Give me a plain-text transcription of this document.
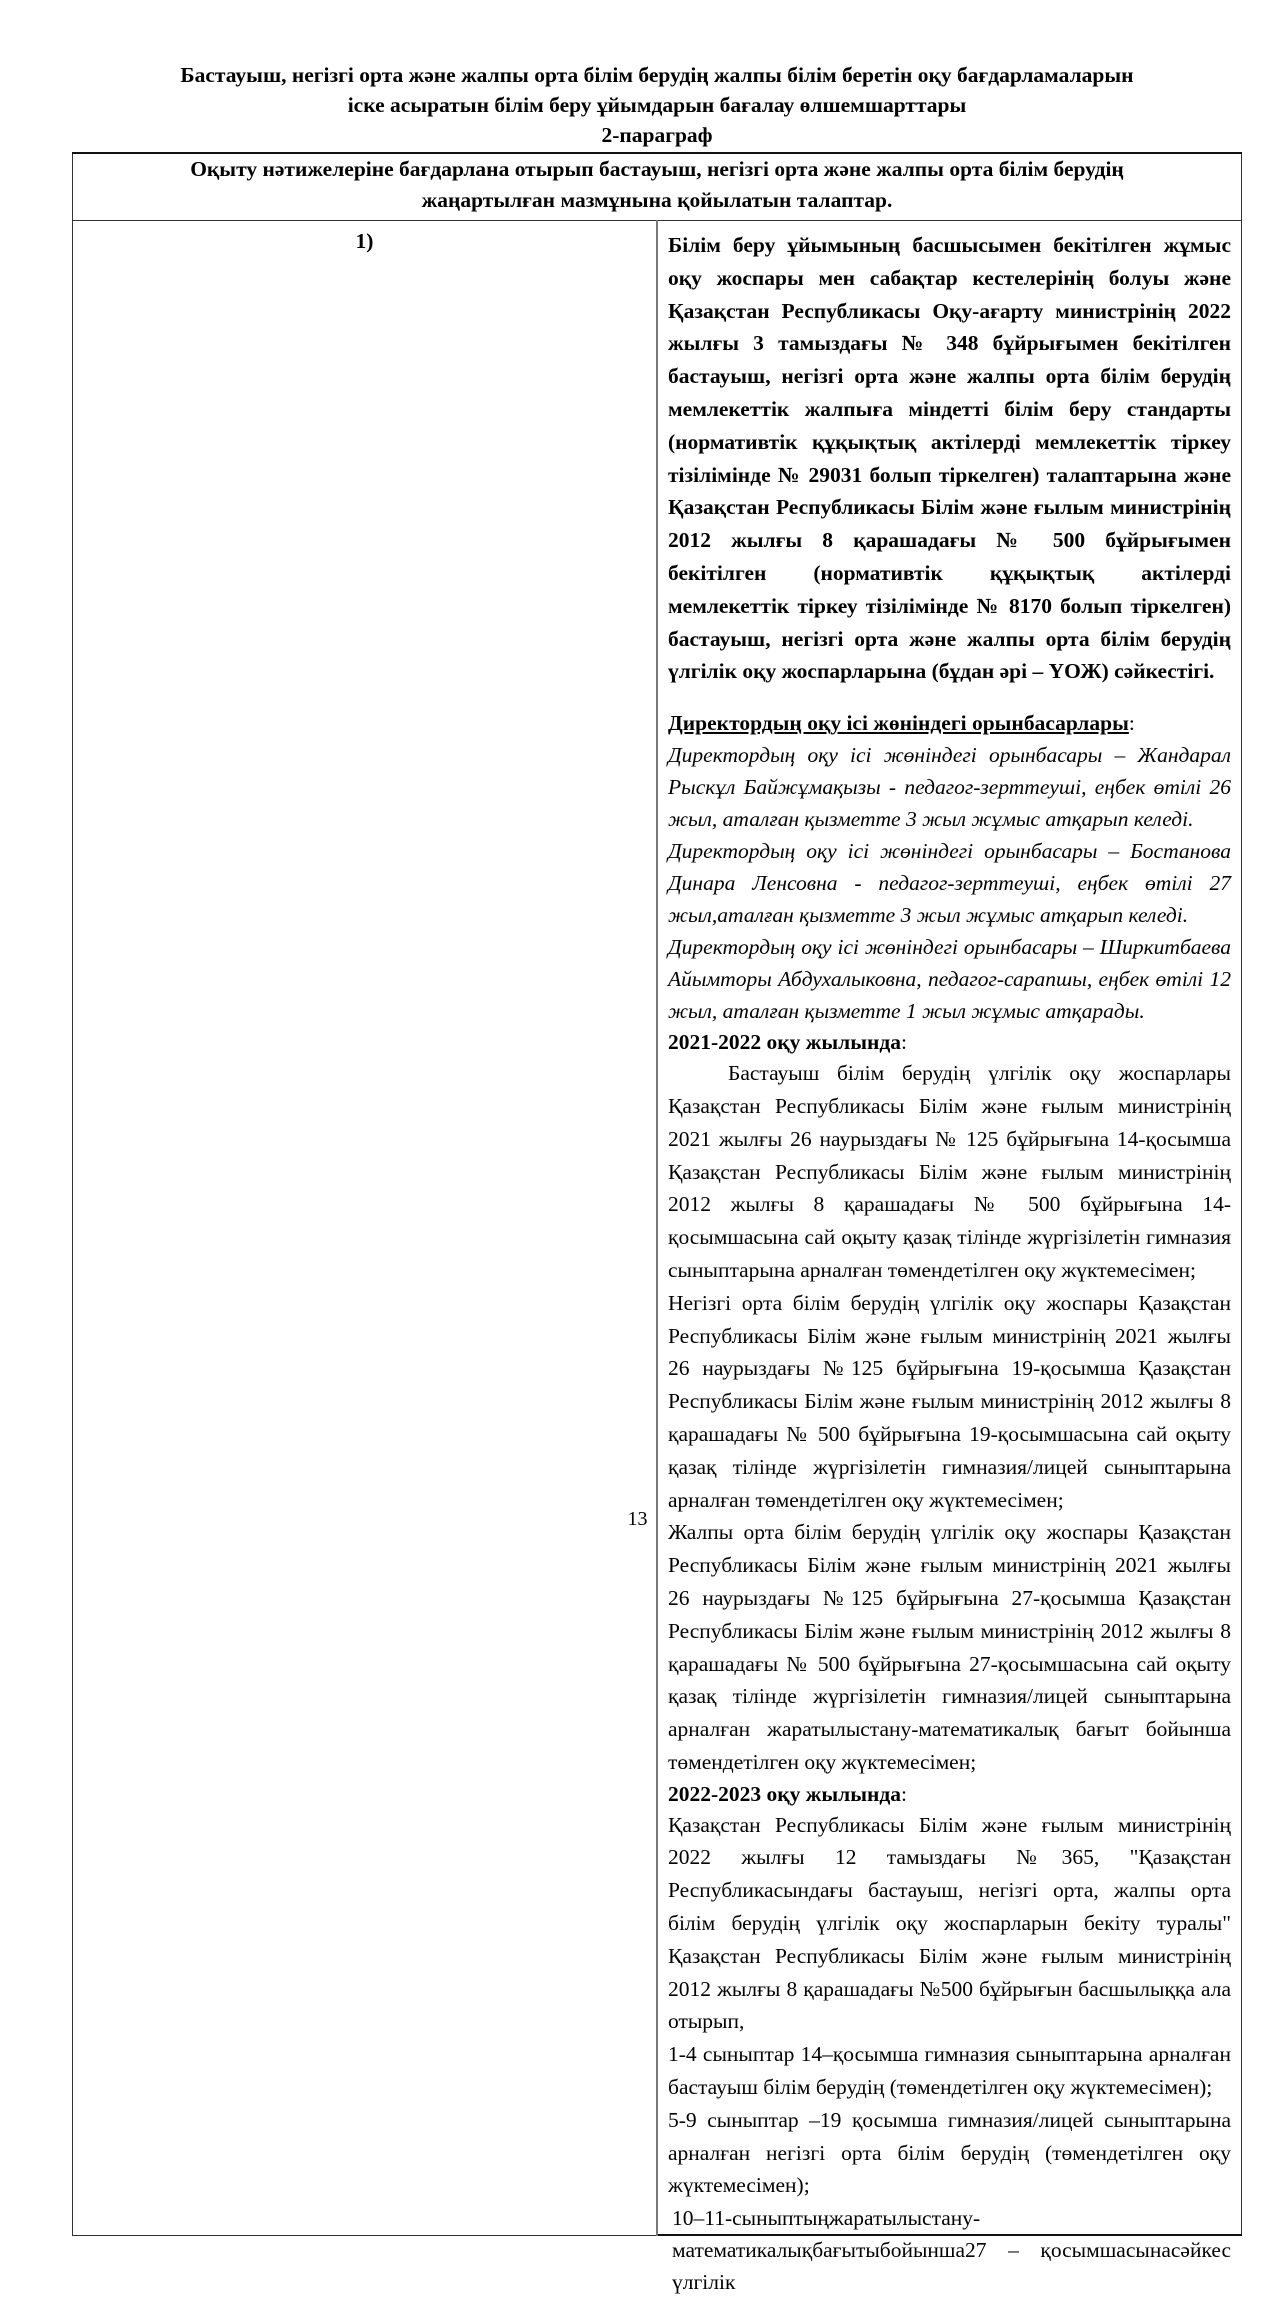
Бастауыш, негізгі орта және жалпы орта білім берудің жалпы білім беретін оқу бағдарламаларын
іске асыратын білім беру ұйымдарын бағалау өлшемшарттары
2-параграф
Оқыту нәтижелеріне бағдарлана отырып бастауыш, негізгі орта және жалпы орта білім берудің
жаңартылған мазмұнына қойылатын талаптар.

1)	Білім беру ұйымының басшысымен бекітілген жұмыс оқу жоспары мен сабақтар кестелерінің болуы және Қазақстан Республикасы Оқу-ағарту министрінің 2022 жылғы 3 тамыздағы № 348 бұйрығымен бекітілген бастауыш, негізгі орта және жалпы орта білім берудің мемлекеттік жалпыға міндетті білім беру стандарты (нормативтік құқықтық актілерді мемлекеттік тіркеу тізілімінде № 29031 болып тіркелген) талаптарына және Қазақстан Республикасы Білім және ғылым министрінің 2012 жылғы 8 қарашадағы № 500 бұйрығымен бекітілген (нормативтік құқықтық актілерді мемлекеттік тіркеу тізілімінде № 8170 болып тіркелген) бастауыш, негізгі орта және жалпы орта білім берудің үлгілік оқу жоспарларына (бұдан әрі – ҮОЖ) сәйкестігі.
Директордың оқу ісі жөніндегі орынбасарлары:
Директордың оқу ісі жөніндегі орынбасары – Жандарал Рыскұл Байжұмақызы - педагог-зерттеуші, еңбек өтілі 26 жыл, аталған қызметте 3 жыл жұмыс атқарып келеді.
Директордың оқу ісі жөніндегі орынбасары – Бостанова Динара Ленсовна - педагог-зерттеуші, еңбек өтілі 27 жыл,аталған қызметте 3 жыл жұмыс атқарып келеді.
Директордың оқу ісі жөніндегі орынбасары – Ширкитбаева Айымторы Абдухалыковна, педагог-сарапшы, еңбек өтілі 12 жыл, аталған қызметте 1 жыл жұмыс атқарады.
2021-2022 оқу жылында:
Бастауыш білім берудің үлгілік оқу жоспарлары Қазақстан Республикасы Білім және ғылым министрінің 2021 жылғы 26 наурыздағы № 125 бұйрығына 14-қосымша Қазақстан Республикасы Білім және ғылым министрінің 2012 жылғы 8 қарашадағы № 500 бұйрығына 14-қосымшасына сай оқыту қазақ тілінде жүргізілетін гимназия сыныптарына арналған төмендетілген оқу жүктемесімен;
Негізгі орта білім берудің үлгілік оқу жоспары Қазақстан Республикасы Білім және ғылым министрінің 2021 жылғы 26 наурыздағы №125 бұйрығына 19-қосымша Қазақстан Республикасы Білім және ғылым министрінің 2012 жылғы 8 қарашадағы № 500 бұйрығына 19-қосымшасына сай оқыту қазақ тілінде жүргізілетін гимназия/лицей сыныптарына арналған төмендетілген оқу жүктемесімен;
Жалпы орта білім берудің үлгілік оқу жоспары Қазақстан Республикасы Білім және ғылым министрінің 2021 жылғы 26 наурыздағы №125 бұйрығына 27-қосымша Қазақстан Республикасы Білім және ғылым министрінің 2012 жылғы 8 қарашадағы № 500 бұйрығына 27-қосымшасына сай оқыту қазақ тілінде жүргізілетін гимназия/лицей сыныптарына арналған жаратылыстану-математикалық бағыт бойынша төмендетілген оқу жүктемесімен;
2022-2023 оқу жылында:
Қазақстан Республикасы Білім және ғылым министрінің 2022 жылғы 12 тамыздағы №365, "Қазақстан Республикасындағы бастауыш, негізгі орта, жалпы орта білім берудің үлгілік оқу жоспарларын бекіту туралы" Қазақстан Республикасы Білім және ғылым министрінің 2012 жылғы 8 қарашадағы №500 бұйрығын басшылыққа ала отырып,
1-4 сыныптар 14–қосымша гимназия сыныптарына арналған бастауыш білім берудің (төмендетілген оқу жүктемесімен);
5-9 сыныптар –19 қосымша гимназия/лицей сыныптарына арналған негізгі орта білім берудің (төмендетілген оқу жүктемесімен);
10–11-сыныптыңжаратылыстану-математикалықбағытыбойынша27 – қосымшасынасәйкес үлгілік
13
